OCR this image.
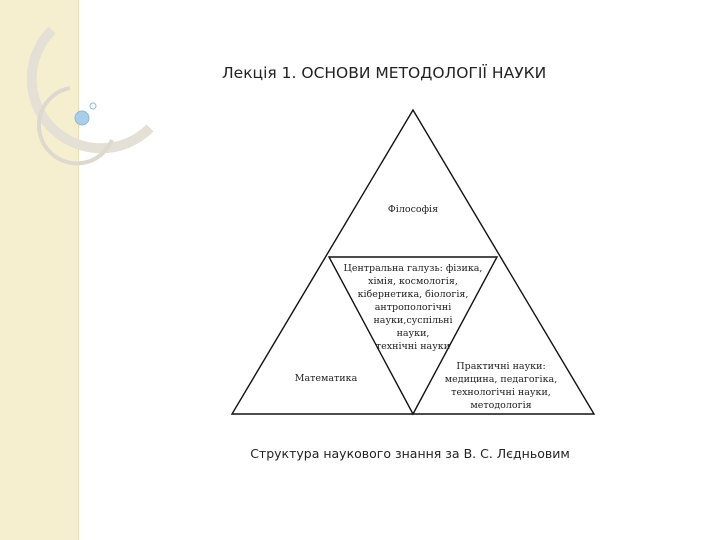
Лекція 1. ОСНОВИ МЕТОДОЛОГІЇ НАУКИ
Філософія
Центральна галузь: фізика,
хімія, космологія,
кібернетика, біологія,
антропологічні
науки,суспільні
науки,
технічні науки
Математика
Практичні науки:
медицина, педагогіка,
технологічні науки,
методологія
Структура наукового знання за В. С. Лєдньовим
